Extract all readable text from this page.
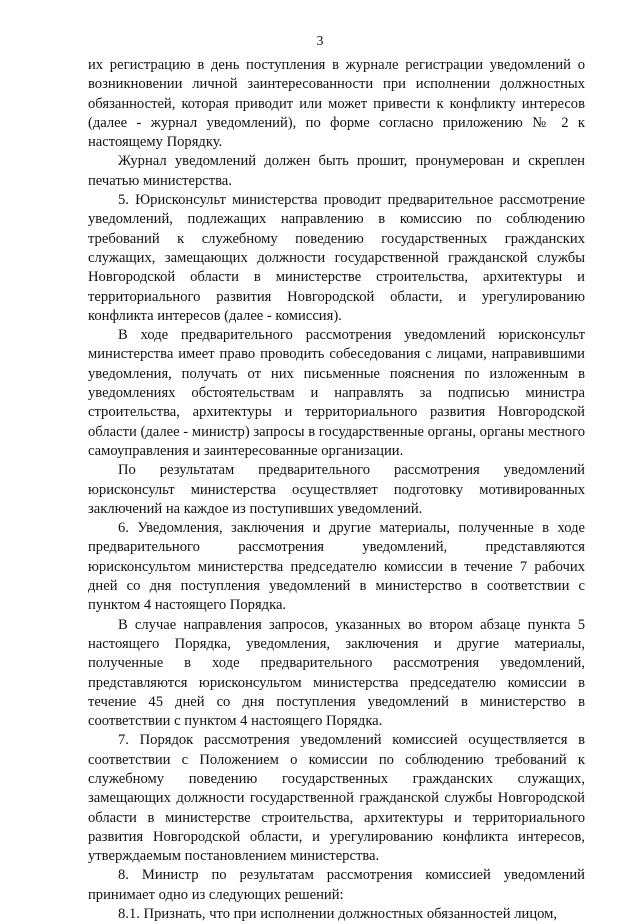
3

их регистрацию в день поступления в журнале регистрации уведомлений о возникновении личной заинтересованности при исполнении должностных обязанностей, которая приводит или может привести к конфликту интересов (далее - журнал уведомлений), по форме согласно приложению № 2 к настоящему Порядку.

Журнал уведомлений должен быть прошит, пронумерован и скреплен печатью министерства.

5. Юрисконсульт министерства проводит предварительное рассмотрение уведомлений, подлежащих направлению в комиссию по соблюдению требований к служебному поведению государственных гражданских служащих, замещающих должности государственной гражданской службы Новгородской области в министерстве строительства, архитектуры и территориального развития Новгородской области, и урегулированию конфликта интересов (далее - комиссия).

В ходе предварительного рассмотрения уведомлений юрисконсульт министерства имеет право проводить собеседования с лицами, направившими уведомления, получать от них письменные пояснения по изложенным в уведомлениях обстоятельствам и направлять за подписью министра строительства, архитектуры и территориального развития Новгородской области (далее - министр) запросы в государственные органы, органы местного самоуправления и заинтересованные организации.

По результатам предварительного рассмотрения уведомлений юрисконсульт министерства осуществляет подготовку мотивированных заключений на каждое из поступивших уведомлений.

6. Уведомления, заключения и другие материалы, полученные в ходе предварительного рассмотрения уведомлений, представляются юрисконсультом министерства председателю комиссии в течение 7 рабочих дней со дня поступления уведомлений в министерство в соответствии с пунктом 4 настоящего Порядка.

В случае направления запросов, указанных во втором абзаце пункта 5 настоящего Порядка, уведомления, заключения и другие материалы, полученные в ходе предварительного рассмотрения уведомлений, представляются юрисконсультом министерства председателю комиссии в течение 45 дней со дня поступления уведомлений в министерство в соответствии с пунктом 4 настоящего Порядка.

7. Порядок рассмотрения уведомлений комиссией осуществляется в соответствии с Положением о комиссии по соблюдению требований к служебному поведению государственных гражданских служащих, замещающих должности государственной гражданской службы Новгородской области в министерстве строительства, архитектуры и территориального развития Новгородской области, и урегулированию конфликта интересов, утверждаемым постановлением министерства.

8. Министр по результатам рассмотрения комиссией уведомлений принимает одно из следующих решений:

8.1. Признать, что при исполнении должностных обязанностей лицом,
